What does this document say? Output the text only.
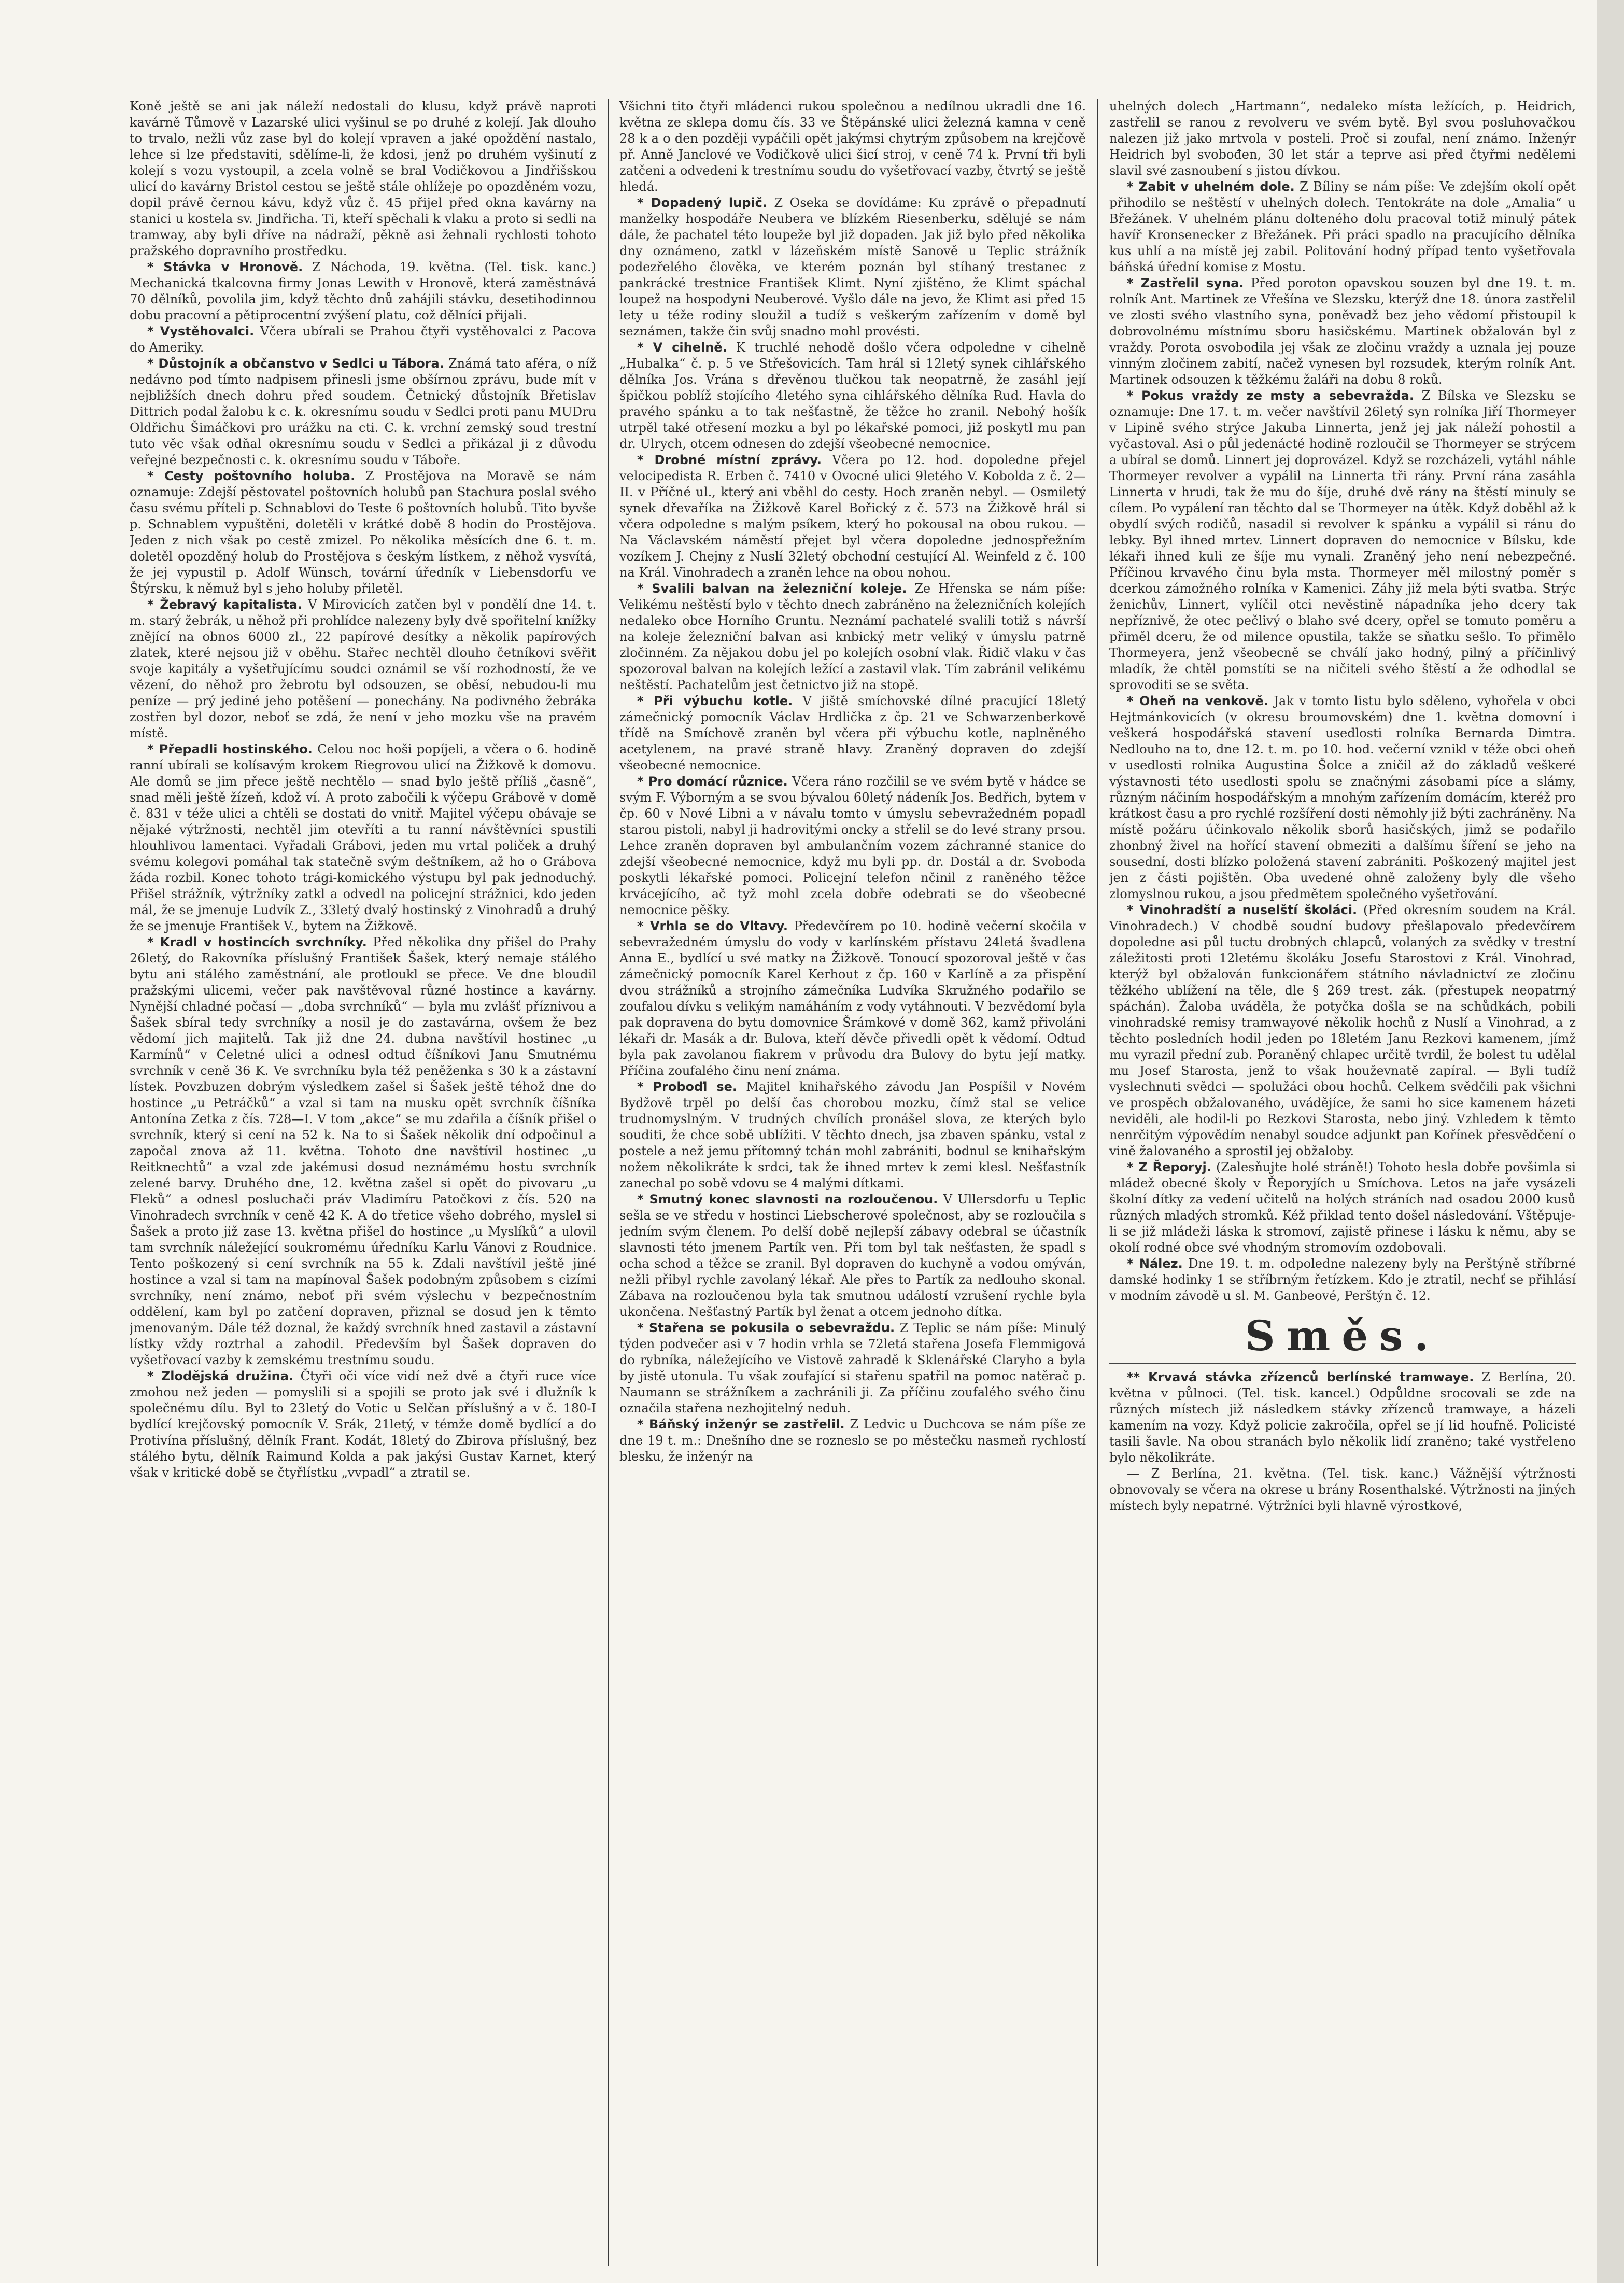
Koně ještě se ani jak náleží nedostali do klusu, když právě naproti kavárně Tůmově v Lazarské ulici vyšinul se po druhé z kolejí. Jak dlouho to trvalo, nežli vůz zase byl do kolejí vpraven a jaké opoždění nastalo, lehce si lze představiti, sdělíme-li, že kdosi, jenž po druhém vyšinutí z kolejí s vozu vystoupil, a zcela volně se bral Vodičkovou a Jindřišskou ulicí do kavárny Bristol cestou se ještě stále ohlížeje po opozděném vozu, dopil právě černou kávu, když vůz č. 45 přijel před okna kavárny na stanici u kostela sv. Jindřicha. Ti, kteří spěchali k vlaku a proto si sedli na tramway, aby byli dříve na nádraží, pěkně asi žehnali rychlosti tohoto pražského dopravního prostředku.

* Stávka v Hronově. Z Náchoda, 19. května. (Tel. tisk. kanc.) Mechanická tkalcovna firmy Jonas Lewith v Hronově, která zaměstnává 70 dělníků, povolila jim, když těchto dnů zahájili stávku, desetihodinnou dobu pracovní a pětiprocentní zvýšení platu, což dělníci přijali.

* Vystěhovalci. Včera ubírali se Prahou čtyři vystěhovalci z Pacova do Ameriky.

* Důstojník a občanstvo v Sedlci u Tábora. Známá tato aféra, o níž nedávno pod tímto nadpisem přinesli jsme obšírnou zprávu, bude mít v nejbližších dnech dohru před soudem. Četnický důstojník Břetislav Dittrich podal žalobu k c. k. okresnímu soudu v Sedlci proti panu MUDru Oldřichu Šimáčkovi pro urážku na cti. C. k. vrchní zemský soud trestní tuto věc však odňal okresnímu soudu v Sedlci a přikázal ji z důvodu veřejné bezpečnosti c. k. okresnímu soudu v Táboře.

* Cesty poštovního holuba. Z Prostějova na Moravě se nám oznamuje: Zdejší pěstovatel poštovních holubů pan Stachura poslal svého času svému příteli p. Schnablovi do Teste 6 poštovních holubů. Tito byvše p. Schnablem vypuštěni, doletěli v krátké době 8 hodin do Prostějova. Jeden z nich však po cestě zmizel. Po několika měsících dne 6. t. m. doletěl opozděný holub do Prostějova s českým lístkem, z něhož vysvítá, že jej vypustil p. Adolf Wünsch, tovární úředník v Liebensdorfu ve Štýrsku, k němuž byl s jeho holuby přiletěl.

* Žebravý kapitalista. V Mirovicích zatčen byl v pondělí dne 14. t. m. starý žebrák, u něhož při prohlídce nalezeny byly dvě spořitelní knížky znějící na obnos 6000 zl., 22 papírové desítky a několik papírových zlatek, které nejsou již v oběhu. Stařec nechtěl dlouho četníkovi svěřit svoje kapitály a vyšetřujícímu soudci oznámil se vší rozhodností, že ve vězení, do něhož pro žebrotu byl odsouzen, se oběsí, nebudou-li mu peníze — prý jediné jeho potěšení — ponechány. Na podivného žebráka zostřen byl dozor, neboť se zdá, že není v jeho mozku vše na pravém místě.

* Přepadli hostinského. Celou noc hoši popíjeli, a včera o 6. hodině ranní ubírali se kolísavým krokem Riegrovou ulicí na Žižkově k domovu. Ale domů se jim přece ještě nechtělo — snad bylo ještě příliš „časně“, snad měli ještě žízeň, kdož ví. A proto zabočili k výčepu Grábově v domě č. 831 v téže ulici a chtěli se dostati do vnitř. Majitel výčepu obávaje se nějaké výtržnosti, nechtěl jim otevříti a tu ranní návštěvníci spustili hlouhlivou lamentaci. Vyřadali Grábovi, jeden mu vrtal poliček a druhý svému kolegovi pomáhal tak statečně svým deštníkem, až ho o Grábova žáda rozbil. Konec tohoto trági-komického výstupu byl pak jednoduchý. Přišel strážník, výtržníky zatkl a odvedl na policejní strážnici, kdo jeden mál, že se jmenuje Ludvík Z., 33letý dvalý hostinský z Vinohradů a druhý že se jmenuje František V., bytem na Žižkově.

* Kradl v hostincích svrchníky. Před několika dny přišel do Prahy 26letý, do Rakovníka příslušný František Šašek, který nemaje stálého bytu ani stálého zaměstnání, ale protloukl se přece. Ve dne bloudil pražskými ulicemi, večer pak navštěvoval různé hostince a kavárny. Nynější chladné počasí — „doba svrchníků“ — byla mu zvlášť příznivou a Šašek sbíral tedy svrchníky a nosil je do zastavárna, ovšem že bez vědomí jich majitelů. Tak již dne 24. dubna navštívil hostinec „u Karmínů“ v Celetné ulici a odnesl odtud číšníkovi Janu Smutnému svrchník v ceně 36 K. Ve svrchníku byla též peněženka s 30 k a zástavní lístek. Povzbuzen dobrým výsledkem zašel si Šašek ještě téhož dne do hostince „u Petráčků“ a vzal si tam na musku opět svrchník číšníka Antonína Zetka z čís. 728—I. V tom „akce“ se mu zdařila a číšník přišel o svrchník, který si cení na 52 k. Na to si Šašek několik dní odpočinul a započal znova až 11. května. Tohoto dne navštívil hostinec „u Reitknechtů“ a vzal zde jakémusi dosud neznámému hostu svrchník zelené barvy. Druhého dne, 12. května zašel si opět do pivovaru „u Fleků“ a odnesl posluchači práv Vladimíru Patočkovi z čís. 520 na Vinohradech svrchník v ceně 42 K. A do třetice všeho dobrého, myslel si Šašek a proto již zase 13. května přišel do hostince „u Myslíků“ a ulovil tam svrchník náležející soukromému úředníku Karlu Vánovi z Roudnice. Tento poškozený si cení svrchník na 55 k. Zdali navštívil ještě jiné hostince a vzal si tam na mapínoval Šašek podobným způsobem s cizími svrchníky, není známo, neboť při svém výslechu v bezpečnostním oddělení, kam byl po zatčení dopraven, přiznal se dosud jen k těmto jmenovaným. Dále též doznal, že každý svrchník hned zastavil a zástavní lístky vždy roztrhal a zahodil. Především byl Šašek dopraven do vyšetřovací vazby k zemskému trestnímu soudu.

* Zlodějská družina. Čtyři oči více vidí než dvě a čtyři ruce více zmohou než jeden — pomyslili si a spojili se proto jak své i dlužník k společnému dílu. Byl to 23letý do Votic u Selčan příslušný a v č. 180-I bydlící krejčovský pomocník V. Srák, 21letý, v témže domě bydlící a do Protivína příslušný, dělník Frant. Kodát, 18letý do Zbirova příslušný, bez stálého bytu, dělník Raimund Kolda a pak jakýsi Gustav Karnet, který však v kritické době se čtyřlístku „vvpadl“ a ztratil se.

Všichni tito čtyři mládenci rukou společnou a nedílnou ukradli dne 16. května ze sklepa domu čís. 33 ve Štěpánské ulici železná kamna v ceně 28 k a o den později vypáčili opět jakýmsi chytrým způsobem na krejčově př. Anně Janclové ve Vodičkově ulici šicí stroj, v ceně 74 k. První tři byli zatčeni a odvedeni k trestnímu soudu do vyšetřovací vazby, čtvrtý se ještě hledá.

* Dopadený lupič. Z Oseka se dovídáme: Ku zprávě o přepadnutí manželky hospodáře Neubera ve blízkém Riesenberku, sdělujé se nám dále, že pachatel této loupeže byl již dopaden. Jak již bylo před několika dny oznámeno, zatkl v lázeňském místě Sanově u Teplic strážník podezřelého člověka, ve kterém poznán byl stíhaný trestanec z pankrácké trestnice František Klimt. Nyní zjištěno, že Klimt spáchal loupež na hospodyni Neuberové. Vyšlo dále na jevo, že Klimt asi před 15 lety u téže rodiny sloužil a tudíž s veškerým zařízením v domě byl seznámen, takže čin svůj snadno mohl provésti.

* V cihelně. K truchlé nehodě došlo včera odpoledne v cihelně „Hubalka“ č. p. 5 ve Střešovicích. Tam hrál si 12letý synek cihlářského dělníka Jos. Vrána s dřevěnou tlučkou tak neopatrně, že zasáhl její špičkou poblíž stojícího 4letého syna cihlářského dělníka Rud. Havla do pravého spánku a to tak nešťastně, že těžce ho zranil. Nebohý hošík utrpěl také otřesení mozku a byl po lékařské pomoci, již poskytl mu pan dr. Ulrych, otcem odnesen do zdejší všeobecné nemocnice.

* Drobné místní zprávy. Včera po 12. hod. dopoledne přejel velocipedista R. Erben č. 7410 v Ovocné ulici 9letého V. Kobolda z č. 2—II. v Příčné ul., který ani vběhl do cesty. Hoch zraněn nebyl. — Osmiletý synek dřevaříka na Žižkově Karel Bořický z č. 573 na Žižkově hrál si včera odpoledne s malým psíkem, který ho pokousal na obou rukou. — Na Václavském náměstí přejet byl včera dopoledne jednospřežním vozíkem J. Chejny z Nuslí 32letý obchodní cestující Al. Weinfeld z č. 100 na Král. Vinohradech a zraněn lehce na obou nohou.

* Svalili balvan na železniční koleje. Ze Hřenska se nám píše: Velikému neštěstí bylo v těchto dnech zabráněno na železničních kolejích nedaleko obce Horního Gruntu. Neznámí pachatelé svalili totiž s návrší na koleje železniční balvan asi knbický metr veliký v úmyslu patrně zločinném. Za nějakou dobu jel po kolejích osobní vlak. Řidič vlaku v čas spozoroval balvan na kolejích ležící a zastavil vlak. Tím zabránil velikému neštěstí. Pachatelům jest četnictvo již na stopě.

* Při výbuchu kotle. V jiště smíchovské dílné pracující 18letý zámečnický pomocník Václav Hrdlička z čp. 21 ve Schwarzenberkově třídě na Smíchově zraněn byl včera při výbuchu kotle, naplněného acetylenem, na pravé straně hlavy. Zraněný dopraven do zdejší všeobecné nemocnice.

* Pro domácí různice. Včera ráno rozčilil se ve svém bytě v hádce se svým F. Výborným a se svou bývalou 60letý nádeník Jos. Bedřich, bytem v čp. 60 v Nové Libni a v návalu tomto v úmyslu sebevražedném popadl starou pistoli, nabyl ji hadrovitými oncky a střelil se do levé strany prsou. Lehce zraněn dopraven byl ambulančním vozem záchranné stanice do zdejší všeobecné nemocnice, když mu byli pp. dr. Dostál a dr. Svoboda poskytli lékařské pomoci. Policejní telefon nčinil z raněného těžce krvácejícího, ač tyž mohl zcela dobře odebrati se do všeobecné nemocnice pěšky.

* Vrhla se do Vltavy. Předevčírem po 10. hodině večerní skočila v sebevražedném úmyslu do vody v karlínském přístavu 24letá švadlena Anna E., bydlící u své matky na Žižkově. Tonoucí spozoroval ještě v čas zámečnický pomocník Karel Kerhout z čp. 160 v Karlíně a za přispění dvou strážníků a strojního zámečníka Ludvíka Skružného podařilo se zoufalou dívku s velikým namáháním z vody vytáhnouti. V bezvědomí byla pak dopravena do bytu domovnice Šrámkové v domě 362, kamž přivoláni lékaři dr. Masák a dr. Bulova, kteří děvče přivedli opět k vědomí. Odtud byla pak zavolanou fiakrem v průvodu dra Bulovy do bytu její matky. Příčina zoufalého činu není známa.

* Proboďl se. Majitel knihařského závodu Jan Pospíšil v Novém Bydžově trpěl po delší čas chorobou mozku, čímž stal se velice trudnomyslným. V trudných chvílích pronášel slova, ze kterých bylo souditi, že chce sobě ublížiti. V těchto dnech, jsa zbaven spánku, vstal z postele a než jemu přítomný tchán mohl zabrániti, bodnul se knihařským nožem několikráte k srdci, tak že ihned mrtev k zemi klesl. Nešťastník zanechal po sobě vdovu se 4 malými dítkami.

* Smutný konec slavnosti na rozloučenou. V Ullersdorfu u Teplic sešla se ve středu v hostinci Liebscherové společnost, aby se rozloučila s jedním svým členem. Po delší době nejlepší zábavy odebral se účastník slavnosti této jmenem Partík ven. Při tom byl tak nešťasten, že spadl s ocha schod a těžce se zranil. Byl dopraven do kuchyně a vodou omýván, nežli přibyl rychle zavolaný lékař. Ale přes to Partík za nedlouho skonal. Zábava na rozloučenou byla tak smutnou událostí vzrušení rychle byla ukončena. Nešťastný Partík byl ženat a otcem jednoho dítka.

* Stařena se pokusila o sebevraždu. Z Teplic se nám píše: Minulý týden podvečer asi v 7 hodin vrhla se 72letá stařena Josefa Flemmigová do rybníka, náležejícího ve Vistově zahradě k Sklenářské Claryho a byla by jistě utonula. Tu však zoufající si stařenu spatřil na pomoc natěrač p. Naumann se strážníkem a zachránili ji. Za příčinu zoufalého svého činu označila stařena nezhojitelný neduh.

* Báňský inženýr se zastřelil. Z Ledvic u Duchcova se nám píše ze dne 19 t. m.: Dnešního dne se rozneslo se po městečku nasmeň rychlostí blesku, že inženýr na

uhelných dolech „Hartmann“, nedaleko místa ležících, p. Heidrich, zastřelil se ranou z revolveru ve svém bytě. Byl svou posluhovačkou nalezen již jako mrtvola v posteli. Proč si zoufal, není známo. Inženýr Heidrich byl svobođen, 30 let stár a teprve asi před čtyřmi nedělemi slavil své zasnoubení s jistou dívkou.

* Zabit v uhelném dole. Z Bíliny se nám píše: Ve zdejším okolí opět přihodilo se neštěstí v uhelných dolech. Tentokráte na dole „Amalia“ u Břežánek. V uhelném plánu dolteného dolu pracoval totiž minulý pátek havíř Kronsenecker z Břežánek. Při práci spadlo na pracujícího dělníka kus uhlí a na místě jej zabil. Politování hodný případ tento vyšetřovala báňská úřední komise z Mostu.

* Zastřelil syna. Před poroton opavskou souzen byl dne 19. t. m. rolník Ant. Martinek ze Vřešína ve Slezsku, kterýž dne 18. února zastřelil ve zlosti svého vlastního syna, poněvadž bez jeho vědomí přistoupil k dobrovolnému místnímu sboru hasičskému. Martinek obžalován byl z vraždy. Porota osvobodila jej však ze zločinu vraždy a uznala jej pouze vinným zločinem zabití, načež vynesen byl rozsudek, kterým rolník Ant. Martinek odsouzen k těžkému žaláři na dobu 8 roků.

* Pokus vraždy ze msty a sebevražda. Z Bílska ve Slezsku se oznamuje: Dne 17. t. m. večer navštívil 26letý syn rolníka Jiří Thormeyer v Lipině svého strýce Jakuba Linnerta, jenž jej jak náleží pohostil a vyčastoval. Asi o půl jedenácté hodině rozloučil se Thormeyer se strýcem a ubíral se domů. Linnert jej doprovázel. Když se rozcházeli, vytáhl náhle Thormeyer revolver a vypálil na Linnerta tři rány. První rána zasáhla Linnerta v hrudi, tak že mu do šíje, druhé dvě rány na štěstí minuly se cílem. Po vypálení ran těchto dal se Thormeyer na útěk. Když doběhl až k obydlí svých rodičů, nasadil si revolver k spánku a vypálil si ránu do lebky. Byl ihned mrtev. Linnert dopraven do nemocnice v Bílsku, kde lékaři ihned kuli ze šíje mu vynali. Zraněný jeho není nebezpečné. Příčinou krvavého činu byla msta. Thormeyer měl milostný poměr s dcerkou zámožného rolníka v Kamenici. Záhy již mela býti svatba. Strýc ženichův, Linnert, vylíčil otci nevěstině nápadníka jeho dcery tak nepříznivě, že otec pečlivý o blaho své dcery, opřel se tomuto poměru a přiměl dceru, že od milence opustila, takže se sňatku sešlo. To přimělo Thormeyera, jenž všeobecně se chválí jako hodný, pilný a příčinlivý mladík, že chtěl pomstíti se na ničiteli svého štěstí a že odhodlal se sprovoditi se se světa.

* Oheň na venkově. Jak v tomto listu bylo sděleno, vyhořela v obci Hejtmánkovicích (v okresu broumovském) dne 1. května domovní i veškerá hospodářská stavení usedlosti rolníka Bernarda Dimtra. Nedlouho na to, dne 12. t. m. po 10. hod. večerní vznikl v téže obci oheň v usedlosti rolnika Augustina Šolce a zničil až do základů veškeré výstavnosti této usedlosti spolu se značnými zásobami píce a slámy, různým náčiním hospodářským a mnohým zařízením domácím, kteréž pro krátkost času a pro rychlé rozšíření dosti němohly již býti zachráněny. Na místě požáru účinkovalo několik sborů hasičských, jimž se podařilo zhonbný živel na hořící stavení obmeziti a dalšímu šíření se jeho na sousední, dosti blízko položená stavení zabrániti. Poškozený majitel jest jen z části pojištěn. Oba uvedené ohně založeny byly dle všeho zlomyslnou rukou, a jsou předmětem společného vyšetřování.

* Vinohradští a nuselští školáci. (Před okresním soudem na Král. Vinohradech.) V chodbě soudní budovy přešlapovalo předevčírem dopoledne asi půl tuctu drobných chlapců, volaných za svědky v trestní záležitosti proti 12letému školáku Josefu Starostovi z Král. Vinohrad, kterýž byl obžalován funkcionářem státního návladnictví ze zločinu těžkého ublížení na těle, dle § 269 trest. zák. (přestupek neopatrný spáchán). Žaloba uváděla, že potyčka došla se na schůdkách, pobili vinohradské remisy tramwayové několik hochů z Nuslí a Vinohrad, a z těchto posledních hodil jeden po 18letém Janu Rezkovi kamenem, jímž mu vyrazil přední zub. Poraněný chlapec určitě tvrdil, že bolest tu udělal mu Josef Starosta, jenž to však houževnatě zapíral. — Byli tudíž vyslechnuti svědci — spolužáci obou hochů. Celkem svědčili pak všichni ve prospěch obžalovaného, uvádějíce, že sami ho sice kamenem házeti neviděli, ale hodil-li po Rezkovi Starosta, nebo jiný. Vzhledem k těmto nenrčitým výpovědím nenabyl soudce adjunkt pan Kořínek přesvědčení o vině žalovaného a sprostil jej obžaloby.

* Z Řeporyj. (Zalesňujte holé stráně!) Tohoto hesla dobře povšimla si mládež obecné školy v Řeporyjích u Smíchova. Letos na jaře vysázeli školní dítky za vedení učitelů na holých stráních nad osadou 2000 kusů různých mladých stromků. Kéž přiklad tento došel následování. Vštěpuje-li se již mládeži láska k stromoví, zajistě přinese i lásku k němu, aby se okolí rodné obce své vhodným stromovím ozdobovali.

* Nález. Dne 19. t. m. odpoledne nalezeny byly na Perštýně stříbrné damské hodinky 1 se stříbrným řetízkem. Kdo je ztratil, nechť se přihlásí v modním závodě u sl. M. Ganbeové, Perštýn č. 12.

Směs.

** Krvavá stávka zřízenců berlínské tramwaye. Z Berlína, 20. května v půlnoci. (Tel. tisk. kancel.) Odpůldne srocovali se zde na různých místech již následkem stávky zřízenců tramwaye, a házeli kamením na vozy. Když policie zakročila, opřel se jí lid houfně. Policisté tasili šavle. Na obou stranách bylo několik lidí zraněno; také vystřeleno bylo několikráte.

— Z Berlína, 21. května. (Tel. tisk. kanc.) Vážnější výtržnosti obnovovaly se včera na okrese u brány Rosenthalské. Výtržnosti na jiných místech byly nepatrné. Výtržníci byli hlavně výrostkové,
